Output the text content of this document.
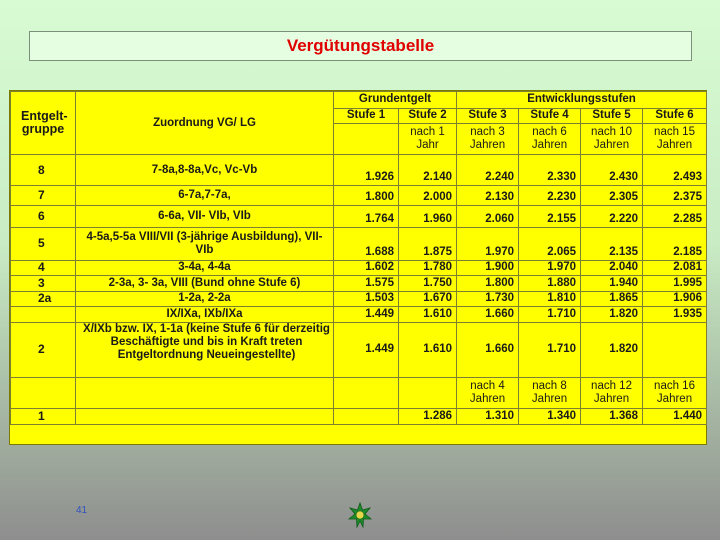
Vergütungstabelle
Entgelt- gruppe	Zuordnung VG/ LG	Grundentgelt		Entwicklungsstufen			
		Stufe 1	Stufe 2	Stufe 3	Stufe 4	Stufe 5	Stufe 6

			nach 1 Jahr	nach 3 Jahren	nach 6 Jahren	nach 10 Jahren	nach 15 Jahren

8	7-8a,8-8a,Vc, Vc-Vb	1.926	2.140	2.240	2.330	2.430	2.493
7	6-7a,7-7a,	1.800	2.000	2.130	2.230	2.305	2.375
6	6-6a, VII- VIb, VIb	1.764	1.960	2.060	2.155	2.220	2.285
5	4-5a,5-5a VIII/VII (3-jährige Ausbildung), VII-VIb	1.688	1.875	1.970	2.065	2.135	2.185
4	3-4a, 4-4a	1.602	1.780	1.900	1.970	2.040	2.081
3	2-3a, 3- 3a, VIII (Bund ohne Stufe 6)	1.575	1.750	1.800	1.880	1.940	1.995
2a	1-2a, 2-2a	1.503	1.670	1.730	1.810	1.865	1.906
	IX/IXa, IXb/IXa	1.449	1.610	1.660	1.710	1.820	1.935
2	X/IXb bzw. IX, 1-1a (keine Stufe 6 für derzeitig Beschäftigte und bis in Kraft treten Entgeltordnung Neueingestellte)	1.449	1.610	1.660	1.710	1.820	

				nach 4 Jahren	nach 8 Jahren	nach 12 Jahren	nach 16 Jahren

1			1.286	1.310	1.340	1.368	1.440
41
